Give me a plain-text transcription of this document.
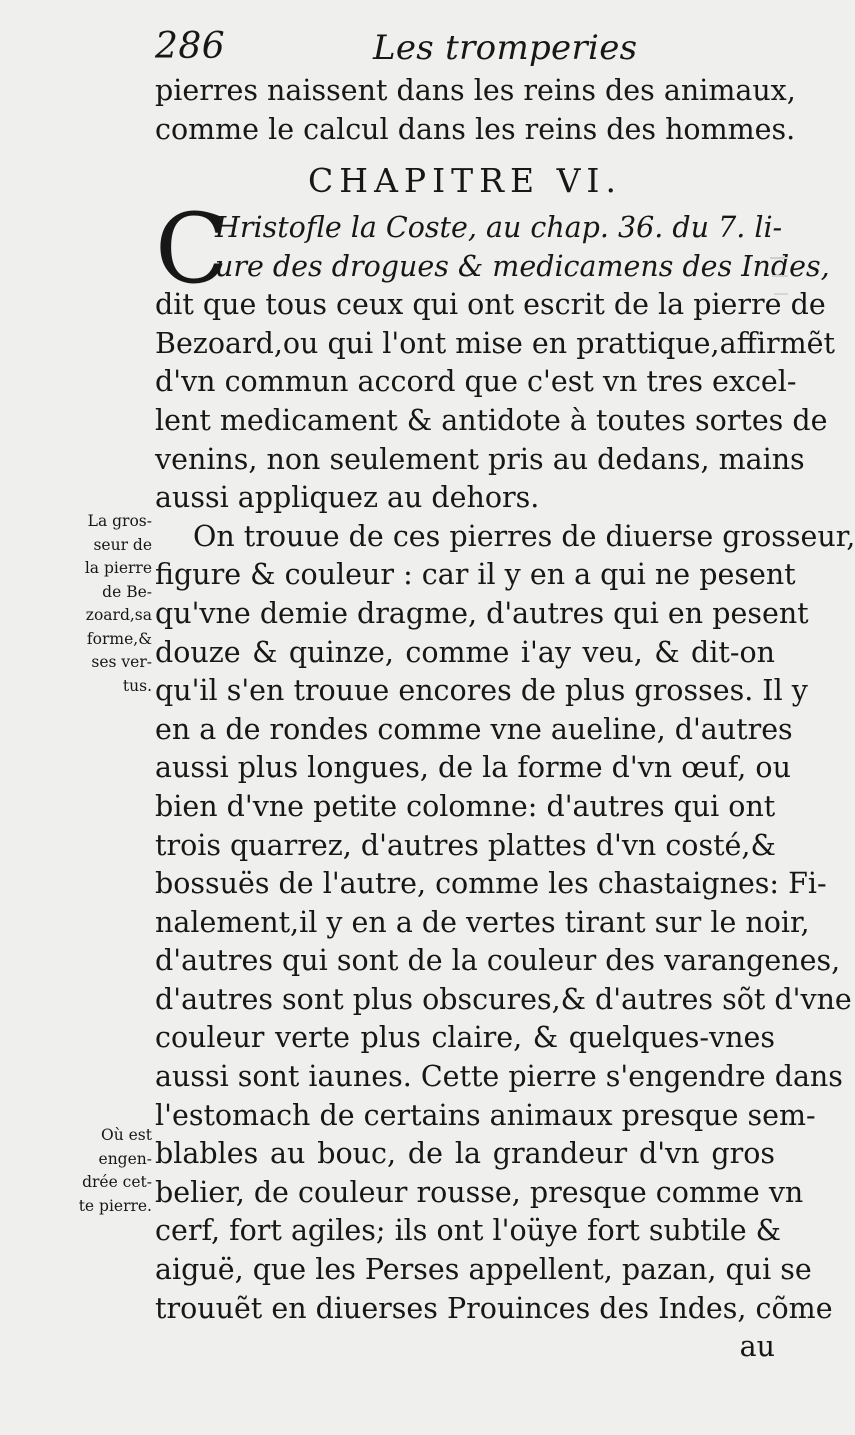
286	Les tromperies
pierres naissent dans les reins des animaux,
comme le calcul dans les reins des hommes.
CHAPITRE VI.
C
Hristofle la Coste, au chap. 36. du 7. li-
ure des drogues & medicamens des Indes,
dit que tous ceux qui ont escrit de la pierre de
Bezoard,ou qui l'ont mise en prattique,affirmẽt
d'vn commun accord que c'est vn tres excel-
lent medicament & antidote à toutes sortes de
venins, non seulement pris au dedans, mains
aussi appliquez au dehors.
On trouue de ces pierres de diuerse grosseur,
figure & couleur : car il y en a qui ne pesent
qu'vne demie dragme, d'autres qui en pesent
douze & quinze, comme i'ay veu, & dit-on
qu'il s'en trouue encores de plus grosses. Il y
en a de rondes comme vne aueline, d'autres
aussi plus longues, de la forme d'vn œuf, ou
bien d'vne petite colomne: d'autres qui ont
trois quarrez, d'autres plattes d'vn costé,&
bossuës de l'autre, comme les chastaignes: Fi-
nalement,il y en a de vertes tirant sur le noir,
d'autres qui sont de la couleur des varangenes,
d'autres sont plus obscures,& d'autres sõt d'vne
couleur verte plus claire, & quelques-vnes
aussi sont iaunes. Cette pierre s'engendre dans
l'estomach de certains animaux presque sem-
blables au bouc, de la grandeur d'vn gros
belier, de couleur rousse, presque comme vn
cerf, fort agiles; ils ont l'oüye fort subtile &
aiguë, que les Perses appellent, pazan, qui se
trouuẽt en diuerses Prouinces des Indes, cõme
au
La gros-
seur de
la pierre
de Be-
zoard,sa
forme,&
ses ver-
tus.
Où est
engen-
drée cet-
te pierre.
